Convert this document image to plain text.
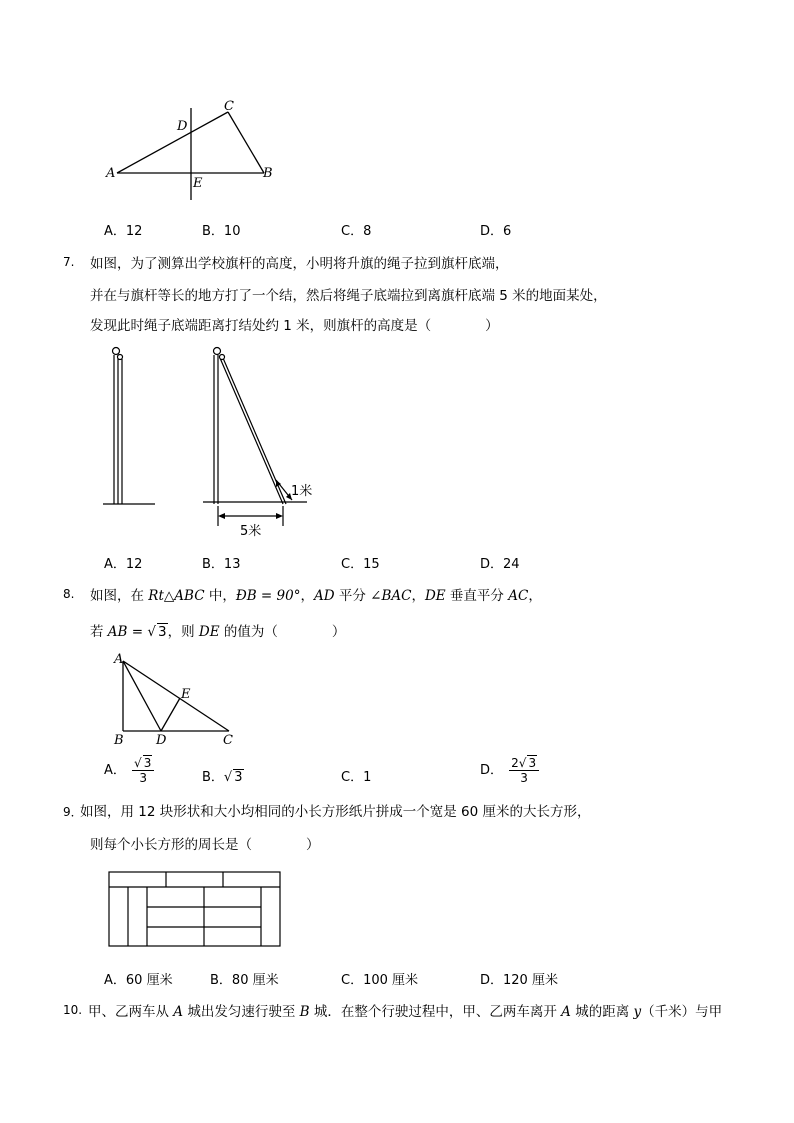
C
D
A	B
E
A．12	B．10	C．8	D．6
7. 如图，为了测算出学校旗杆的高度，小明将升旗的绳子拉到旗杆底端，
并在与旗杆等长的地方打了一个结，然后将绳子底端拉到离旗杆底端 5 米的地面某处，
发现此时绳子底端距离打结处约 1 米，则旗杆的高度是（　　　　）
1米
5米
A．12	B．13	C．15	D．24
8. 如图，在 Rt△ABC 中，ÐB = 90°，AD 平分 ∠BAC，DE 垂直平分 AC，
若 AB = √ 3，则 DE 的值为（　　　　）
A
E
B D	C
A． $\frac{√ 3}{3}$	B．√ 3	C．1	D． $\frac{2√ 3}{3}$
9．
如图，用 12 块形状和大小均相同的小长方形纸片拼成一个宽是 60 厘米的大长方形，
则每个小长方形的周长是（　　　　）
A．60 厘米	B．80 厘米	C．100 厘米	D．120 厘米
10. 甲、乙两车从 A 城出发匀速行驶至 B 城．在整个行驶过程中，甲、乙两车离开 A 城的距离 y（千米）与甲
